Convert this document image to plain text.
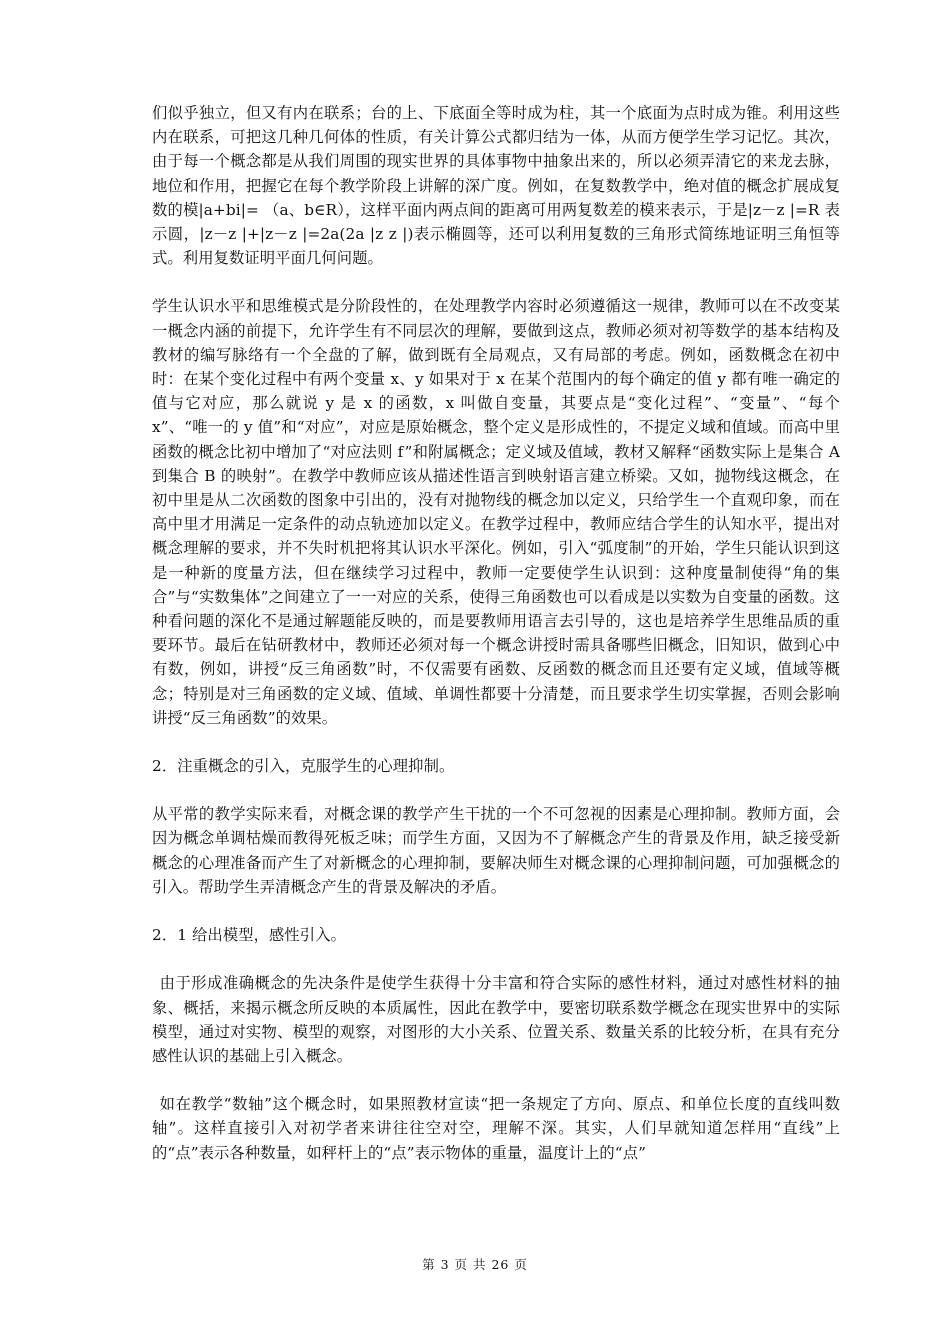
们似乎独立，但又有内在联系；台的上、下底面全等时成为柱，其一个底面为点时成为锥。利用这些内在联系，可把这几种几何体的性质，有关计算公式都归结为一体，从而方便学生学习记忆。其次，由于每一个概念都是从我们周围的现实世界的具体事物中抽象出来的，所以必须弄清它的来龙去脉，地位和作用，把握它在每个教学阶段上讲解的深广度。例如，在复数教学中，绝对值的概念扩展成复数的模|a+bi|= （a、b∈R），这样平面内两点间的距离可用两复数差的模来表示，于是|z－z |=R 表示圆，|z－z |+|z－z |=2a(2a |z z |)表示椭圆等，还可以利用复数的三角形式简练地证明三角恒等式。利用复数证明平面几何问题。

学生认识水平和思维模式是分阶段性的，在处理教学内容时必须遵循这一规律，教师可以在不改变某一概念内涵的前提下，允许学生有不同层次的理解，要做到这点，教师必须对初等数学的基本结构及教材的编写脉络有一个全盘的了解，做到既有全局观点，又有局部的考虑。例如，函数概念在初中时：在某个变化过程中有两个变量 x、y 如果对于 x 在某个范围内的每个确定的值 y 都有唯一确定的值与它对应，那么就说 y 是 x 的函数，x 叫做自变量，其要点是“变化过程”、“变量”、“每个 x”、“唯一的 y 值”和“对应”，对应是原始概念，整个定义是形成性的，不提定义域和值域。而高中里函数的概念比初中增加了“对应法则 f”和附属概念；定义域及值域，教材又解释“函数实际上是集合 A 到集合 B 的映射”。在教学中教师应该从描述性语言到映射语言建立桥梁。又如，抛物线这概念，在初中里是从二次函数的图象中引出的，没有对抛物线的概念加以定义，只给学生一个直观印象，而在高中里才用满足一定条件的动点轨迹加以定义。在教学过程中，教师应结合学生的认知水平，提出对概念理解的要求，并不失时机把将其认识水平深化。例如，引入“弧度制”的开始，学生只能认识到这是一种新的度量方法，但在继续学习过程中，教师一定要使学生认识到：这种度量制使得“角的集合”与“实数集体”之间建立了一一对应的关系，使得三角函数也可以看成是以实数为自变量的函数。这种看问题的深化不是通过解题能反映的，而是要教师用语言去引导的，这也是培养学生思维品质的重要环节。最后在钻研教材中，教师还必须对每一个概念讲授时需具备哪些旧概念，旧知识，做到心中有数，例如，讲授“反三角函数”时，不仅需要有函数、反函数的概念而且还要有定义域，值域等概念；特别是对三角函数的定义域、值域、单调性都要十分清楚，而且要求学生切实掌握，否则会影响讲授“反三角函数”的效果。

2．注重概念的引入，克服学生的心理抑制。

从平常的教学实际来看，对概念课的教学产生干扰的一个不可忽视的因素是心理抑制。教师方面，会因为概念单调枯燥而教得死板乏味；而学生方面，又因为不了解概念产生的背景及作用，缺乏接受新概念的心理准备而产生了对新概念的心理抑制，要解决师生对概念课的心理抑制问题，可加强概念的引入。帮助学生弄清概念产生的背景及解决的矛盾。

2．1 给出模型，感性引入。

由于形成准确概念的先决条件是使学生获得十分丰富和符合实际的感性材料，通过对感性材料的抽象、概括，来揭示概念所反映的本质属性，因此在教学中，要密切联系数学概念在现实世界中的实际模型，通过对实物、模型的观察，对图形的大小关系、位置关系、数量关系的比较分析，在具有充分感性认识的基础上引入概念。

如在教学“数轴”这个概念时，如果照教材宣读“把一条规定了方向、原点、和单位长度的直线叫数轴”。这样直接引入对初学者来讲往往空对空，理解不深。其实，人们早就知道怎样用“直线”上的“点”表示各种数量，如秤杆上的“点”表示物体的重量，温度计上的“点”

第 3 页 共 26 页
